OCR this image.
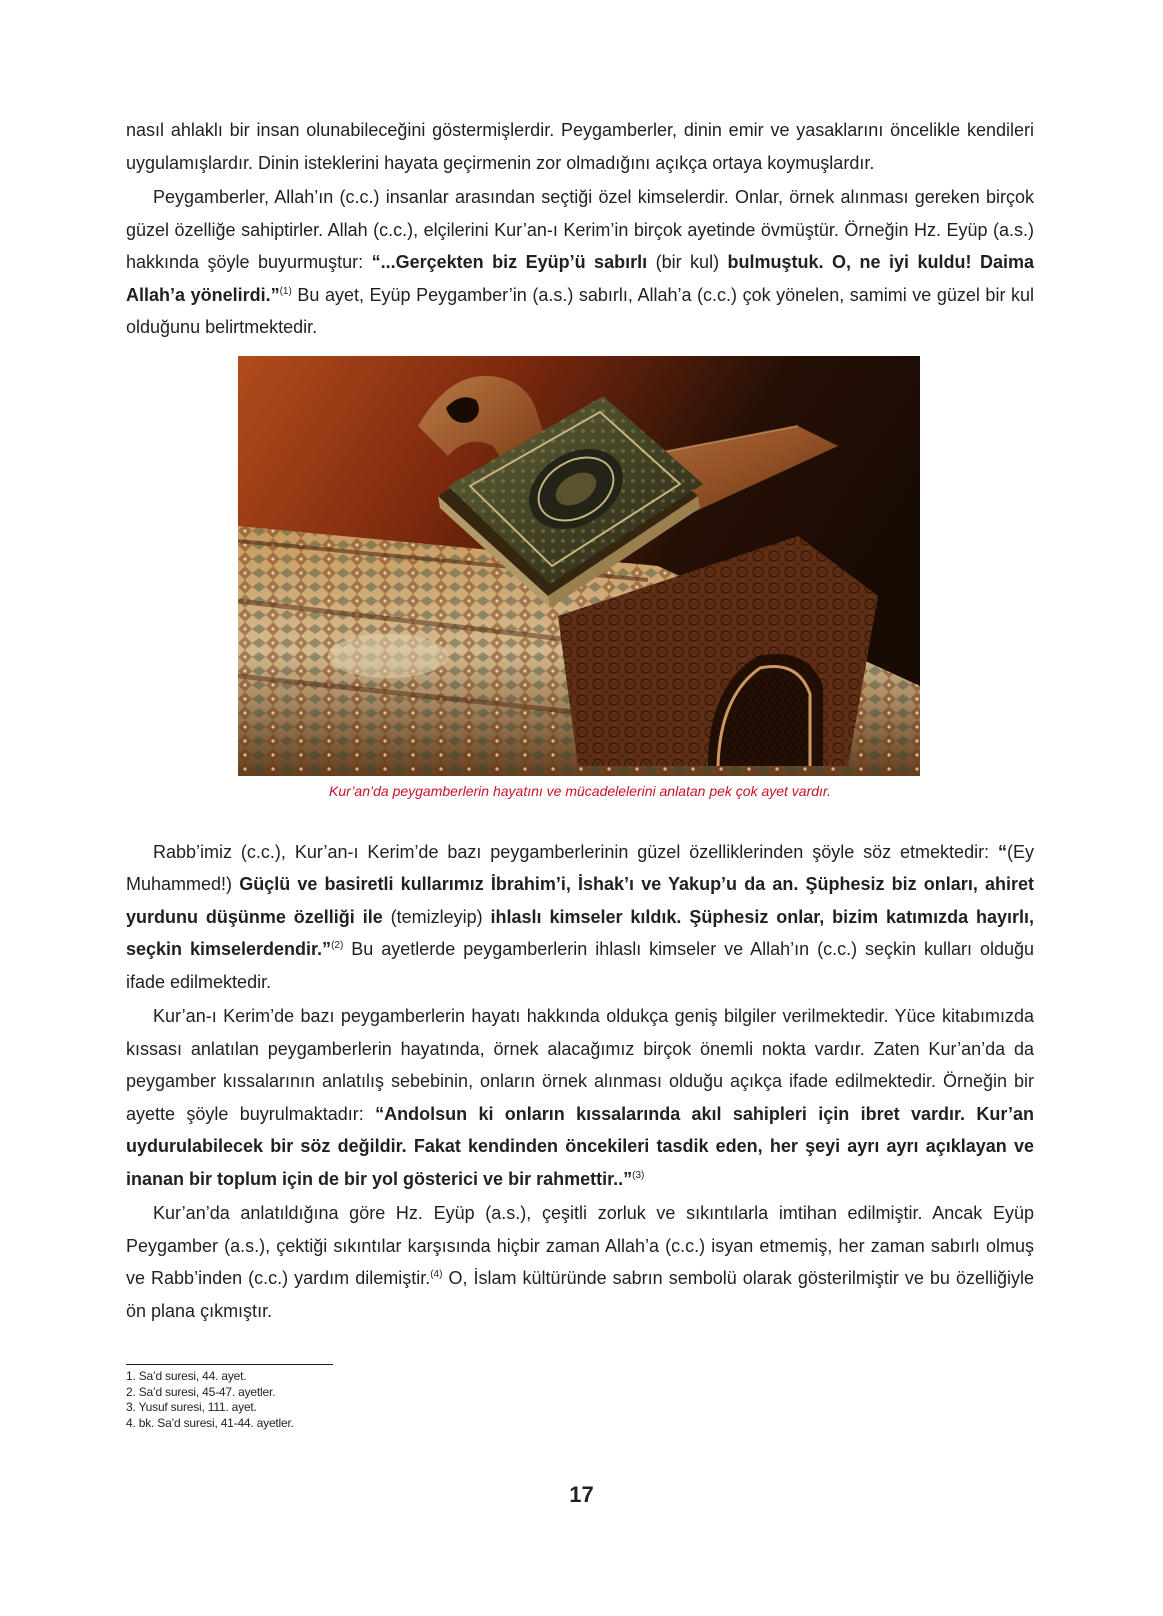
nasıl ahlaklı bir insan olunabileceğini göstermişlerdir. Peygamberler, dinin emir ve yasaklarını öncelikle kendileri uygulamışlardır. Dinin isteklerini hayata geçirmenin zor olmadığını açıkça ortaya koymuşlardır.

Peygamberler, Allah’ın (c.c.) insanlar arasından seçtiği özel kimselerdir. Onlar, örnek alınması gereken birçok güzel özelliğe sahiptirler. Allah (c.c.), elçilerini Kur’an-ı Kerim’in birçok ayetinde övmüştür. Örneğin Hz. Eyüp (a.s.) hakkında şöyle buyurmuştur: “...Gerçekten biz Eyüp’ü sabırlı (bir kul) bulmuştuk. O, ne iyi kuldu! Daima Allah’a yönelirdi.”$^{(1)}$ Bu ayet, Eyüp Peygamber’in (a.s.) sabırlı, Allah’a (c.c.) çok yönelen, samimi ve güzel bir kul olduğunu belirtmektedir.

Kur’an’da peygamberlerin hayatını ve mücadelelerini anlatan pek çok ayet vardır.

Rabb’imiz (c.c.), Kur’an-ı Kerim’de bazı peygamberlerinin güzel özelliklerinden şöyle söz etmektedir: “(Ey Muhammed!) Güçlü ve basiretli kullarımız İbrahim’i, İshak’ı ve Yakup’u da an. Şüphesiz biz onları, ahiret yurdunu düşünme özelliği ile (temizleyip) ihlaslı kimseler kıldık. Şüphesiz onlar, bizim katımızda hayırlı, seçkin kimselerdendir.”$^{(2)}$ Bu ayetlerde peygamberlerin ihlaslı kimseler ve Allah’ın (c.c.) seçkin kulları olduğu ifade edilmektedir.

Kur’an-ı Kerim’de bazı peygamberlerin hayatı hakkında oldukça geniş bilgiler verilmektedir. Yüce kitabımızda kıssası anlatılan peygamberlerin hayatında, örnek alacağımız birçok önemli nokta vardır. Zaten Kur’an’da da peygamber kıssalarının anlatılış sebebinin, onların örnek alınması olduğu açıkça ifade edilmektedir. Örneğin bir ayette şöyle buyrulmaktadır: “Andolsun ki onların kıssalarında akıl sahipleri için ibret vardır. Kur’an uydurulabilecek bir söz değildir. Fakat kendinden öncekileri tasdik eden, her şeyi ayrı ayrı açıklayan ve inanan bir toplum için de bir yol gösterici ve bir rahmettir..”$^{(3)}$

Kur’an’da anlatıldığına göre Hz. Eyüp (a.s.), çeşitli zorluk ve sıkıntılarla imtihan edilmiştir. Ancak Eyüp Peygamber (a.s.), çektiği sıkıntılar karşısında hiçbir zaman Allah’a (c.c.) isyan etmemiş, her zaman sabırlı olmuş ve Rabb’inden (c.c.) yardım dilemiştir.$^{(4)}$ O, İslam kültüründe sabrın sembolü olarak gösterilmiştir ve bu özelliğiyle ön plana çıkmıştır.

1. Sa’d suresi, 44. ayet.
2. Sa’d suresi, 45-47. ayetler.
3. Yusuf suresi, 111. ayet.
4. bk. Sa’d suresi, 41-44. ayetler.
17
